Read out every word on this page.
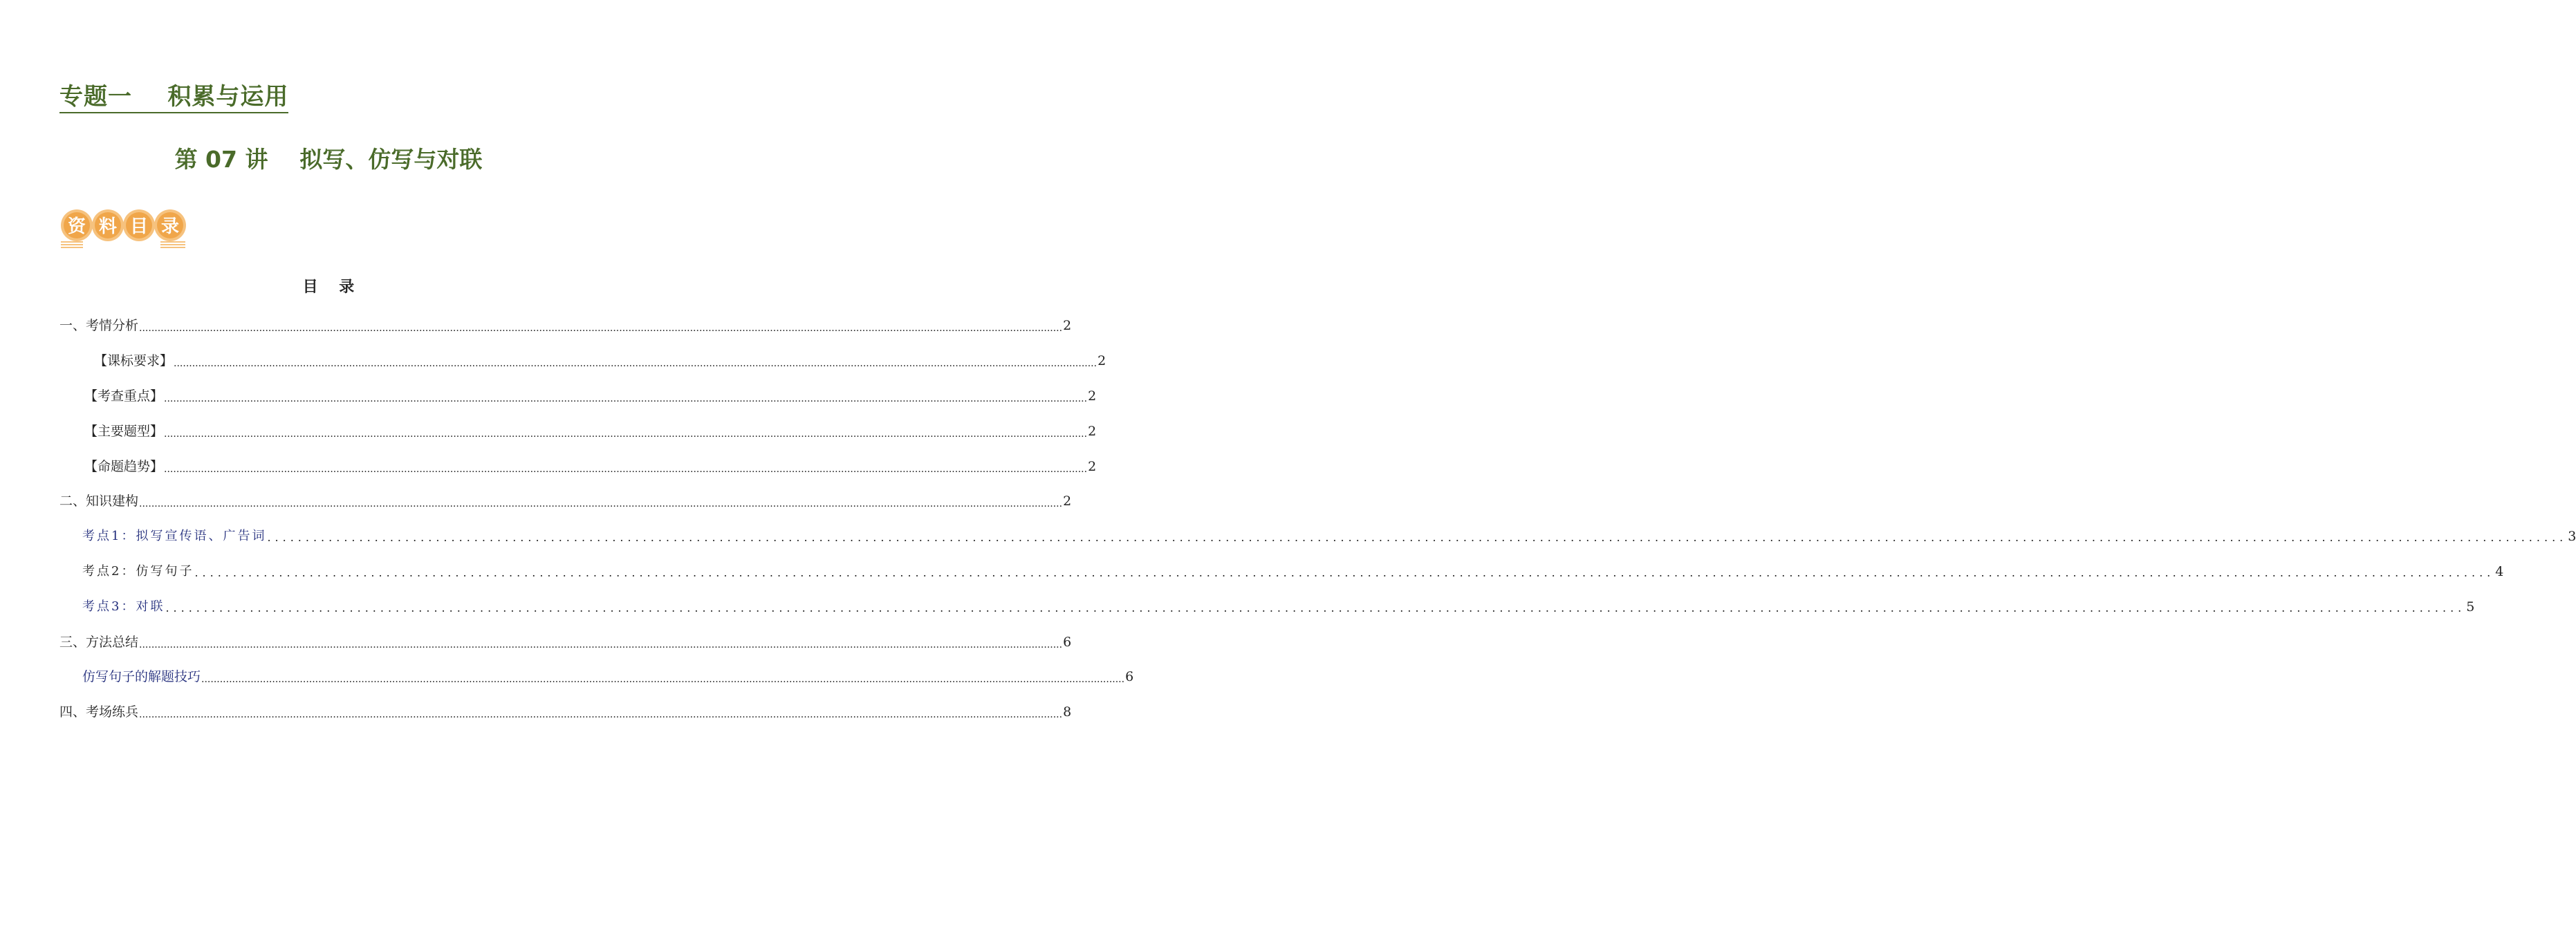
专题一    积累与运用
第 07 讲    拟写、仿写与对联
资 料 目 录
目    录
一、考情分析 ............................................................................................................................................................................................................................................................................................................ 2
【课标要求】 ............................................................................................................................................................................................................................................................................................................ 2
【考查重点】 ............................................................................................................................................................................................................................................................................................................ 2
【主要题型】 ............................................................................................................................................................................................................................................................................................................ 2
【命题趋势】 ............................................................................................................................................................................................................................................................................................................ 2
二、知识建构 ............................................................................................................................................................................................................................................................................................................ 2
考点1：拟写宣传语、广告词 ............................................................................................................................................................................................................................................................................................................ 3
考点2：仿写句子 ............................................................................................................................................................................................................................................................................................................ 4
考点3：对联 ............................................................................................................................................................................................................................................................................................................ 5
三、方法总结 ............................................................................................................................................................................................................................................................................................................ 6
仿写句子的解题技巧 ............................................................................................................................................................................................................................................................................................................ 6
四、考场练兵 ............................................................................................................................................................................................................................................................................................................ 8
